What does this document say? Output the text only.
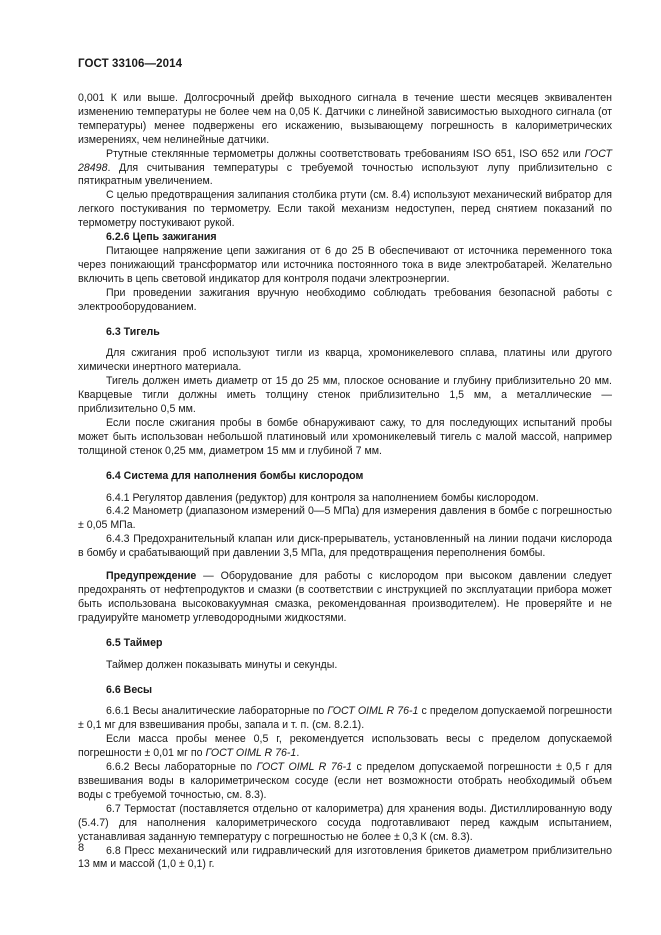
ГОСТ 33106—2014

0,001 К или выше. Долгосрочный дрейф выходного сигнала в течение шести месяцев эквивалентен изменению температуры не более чем на 0,05 К. Датчики с линейной зависимостью выходного сигнала (от температуры) менее подвержены его искажению, вызывающему погрешность в калориметрических измерениях, чем нелинейные датчики.

Ртутные стеклянные термометры должны соответствовать требованиям ISO 651, ISO 652 или ГОСТ 28498. Для считывания температуры с требуемой точностью используют лупу приблизительно с пятикратным увеличением.

С целью предотвращения залипания столбика ртути (см. 8.4) используют механический вибратор для легкого постукивания по термометру. Если такой механизм недоступен, перед снятием показаний по термометру постукивают рукой.

6.2.6 Цепь зажигания

Питающее напряжение цепи зажигания от 6 до 25 В обеспечивают от источника переменного тока через понижающий трансформатор или источника постоянного тока в виде электробатарей. Желательно включить в цепь световой индикатор для контроля подачи электроэнергии.

При проведении зажигания вручную необходимо соблюдать требования безопасной работы с электрооборудованием.

6.3 Тигель

Для сжигания проб используют тигли из кварца, хромоникелевого сплава, платины или другого химически инертного материала.

Тигель должен иметь диаметр от 15 до 25 мм, плоское основание и глубину приблизительно 20 мм. Кварцевые тигли должны иметь толщину стенок приблизительно 1,5 мм, а металлические — приблизительно 0,5 мм.

Если после сжигания пробы в бомбе обнаруживают сажу, то для последующих испытаний пробы может быть использован небольшой платиновый или хромоникелевый тигель с малой массой, например толщиной стенок 0,25 мм, диаметром 15 мм и глубиной 7 мм.

6.4 Система для наполнения бомбы кислородом

6.4.1 Регулятор давления (редуктор) для контроля за наполнением бомбы кислородом.

6.4.2 Манометр (диапазоном измерений 0—5 МПа) для измерения давления в бомбе с погрешностью ± 0,05 МПа.

6.4.3 Предохранительный клапан или диск-прерыватель, установленный на линии подачи кислорода в бомбу и срабатывающий при давлении 3,5 МПа, для предотвращения переполнения бомбы.

Предупреждение — Оборудование для работы с кислородом при высоком давлении следует предохранять от нефтепродуктов и смазки (в соответствии с инструкцией по эксплуатации прибора может быть использована высоковакуумная смазка, рекомендованная производителем). Не проверяйте и не градуируйте манометр углеводородными жидкостями.

6.5 Таймер

Таймер должен показывать минуты и секунды.

6.6 Весы

6.6.1 Весы аналитические лабораторные по ГОСТ OIML R 76-1 с пределом допускаемой погрешности ± 0,1 мг для взвешивания пробы, запала и т. п. (см. 8.2.1).

Если масса пробы менее 0,5 г, рекомендуется использовать весы с пределом допускаемой погрешности ± 0,01 мг по ГОСТ OIML R 76-1.

6.6.2 Весы лабораторные по ГОСТ OIML R 76-1 с пределом допускаемой погрешности ± 0,5 г для взвешивания воды в калориметрическом сосуде (если нет возможности отобрать необходимый объем воды с требуемой точностью, см. 8.3).

6.7 Термостат (поставляется отдельно от калориметра) для хранения воды. Дистиллированную воду (5.4.7) для наполнения калориметрического сосуда подготавливают перед каждым испытанием, устанавливая заданную температуру с погрешностью не более ± 0,3 К (см. 8.3).

6.8 Пресс механический или гидравлический для изготовления брикетов диаметром приблизительно 13 мм и массой (1,0 ± 0,1) г.

8
